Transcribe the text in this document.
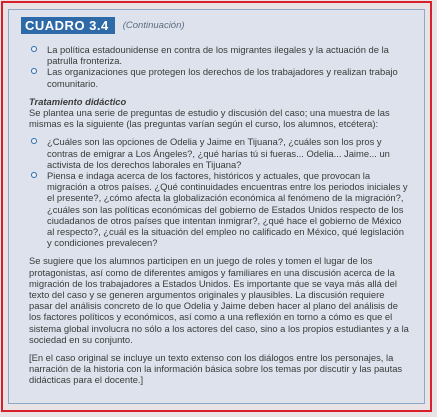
CUADRO 3.4	(Continuación)
La política estadounidense en contra de los migrantes ilegales y la actuación de la patrulla fronteriza.
Las organizaciones que protegen los derechos de los trabajadores y realizan trabajo comunitario.
Tratamiento didáctico

Se plantea una serie de preguntas de estudio y discusión del caso; una muestra de las mismas es la siguiente (las preguntas varían según el curso, los alumnos, etcétera):

¿Cuáles son las opciones de Odelia y Jaime en Tijuana?, ¿cuáles son los pros y contras de emigrar a Los Ángeles?, ¿qué harías tú si fueras... Odelia... Jaime... un activista de los derechos laborales en Tijuana?
Piensa e indaga acerca de los factores, históricos y actuales, que provocan la migración a otros países. ¿Qué continuidades encuentras entre los periodos iniciales y el presente?, ¿cómo afecta la globalización económica al fenómeno de la migración?, ¿cuáles son las políticas económicas del gobierno de Estados Unidos respecto de los ciudadanos de otros países que intentan inmigrar?, ¿qué hace el gobierno de México al respecto?, ¿cuál es la situación del empleo no calificado en México, qué legislación y condiciones prevalecen?

Se sugiere que los alumnos participen en un juego de roles y tomen el lugar de los protagonistas, así como de diferentes amigos y familiares en una discusión acerca de la migración de los trabajadores a Estados Unidos. Es importante que se vaya más allá del texto del caso y se generen argumentos originales y plausibles. La discusión requiere pasar del análisis concreto de lo que Odelia y Jaime deben hacer al plano del análisis de los factores políticos y económicos, así como a una reflexión en torno a cómo es que el sistema global involucra no sólo a los actores del caso, sino a los propios estudiantes y a la sociedad en su conjunto.

[En el caso original se incluye un texto extenso con los diálogos entre los personajes, la narración de la historia con la información básica sobre los temas por discutir y las pautas didácticas para el docente.]
